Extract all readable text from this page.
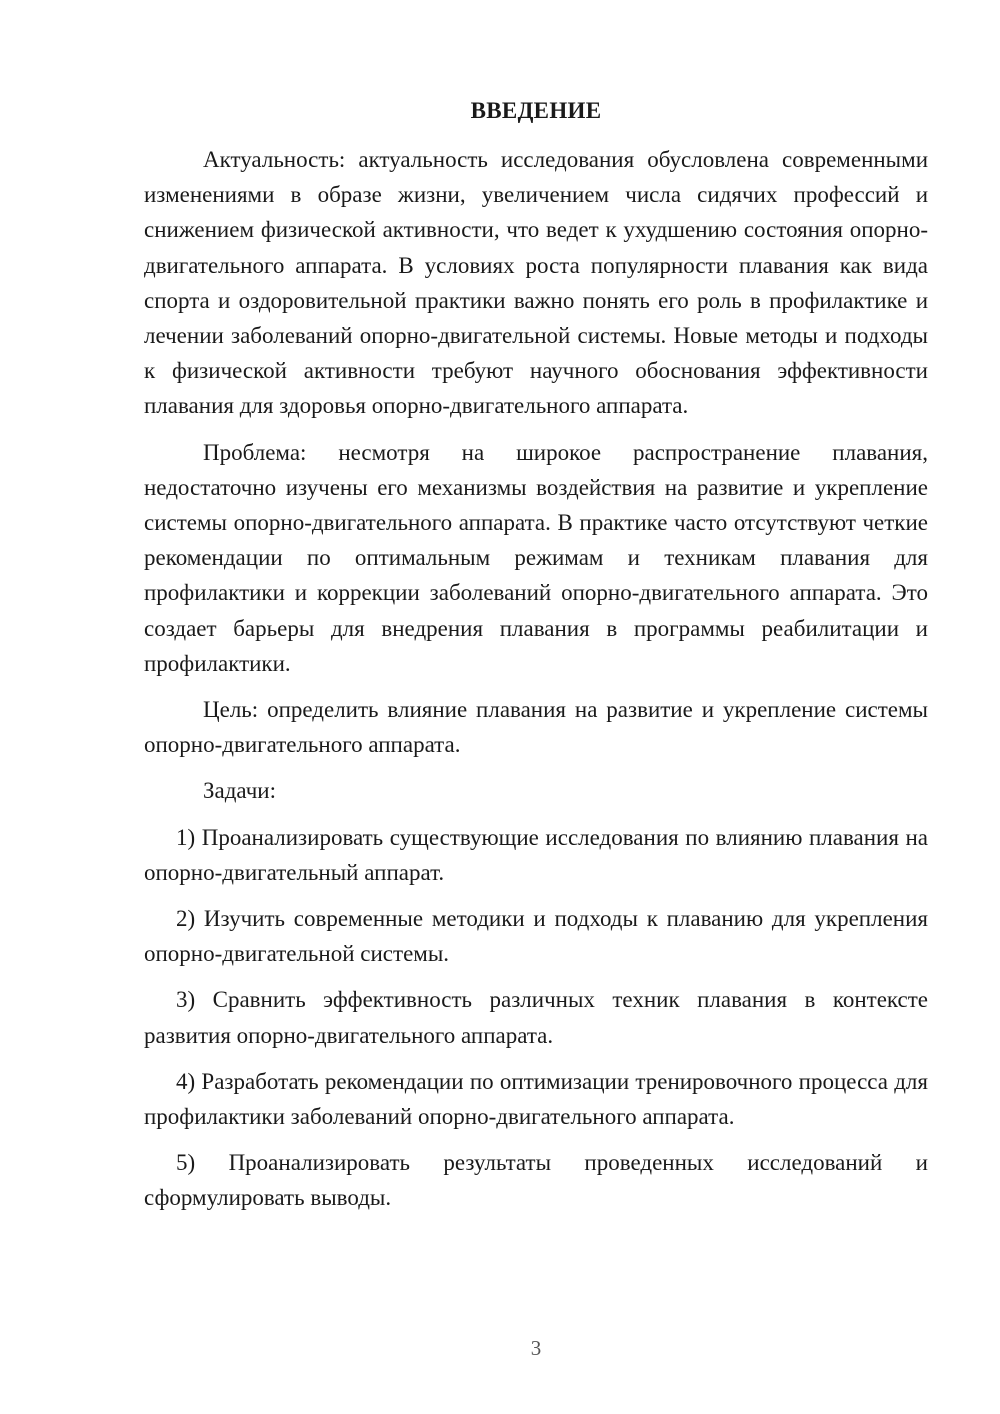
ВВЕДЕНИЕ

Актуальность: актуальность исследования обусловлена современными изменениями в образе жизни, увеличением числа сидячих профессий и снижением физической активности, что ведет к ухудшению состояния опорно-двигательного аппарата. В условиях роста популярности плавания как вида спорта и оздоровительной практики важно понять его роль в профилактике и лечении заболеваний опорно-двигательной системы. Новые методы и подходы к физической активности требуют научного обоснования эффективности плавания для здоровья опорно-двигательного аппарата.

Проблема: несмотря на широкое распространение плавания, недостаточно изучены его механизмы воздействия на развитие и укрепление системы опорно-двигательного аппарата. В практике часто отсутствуют четкие рекомендации по оптимальным режимам и техникам плавания для профилактики и коррекции заболеваний опорно-двигательного аппарата. Это создает барьеры для внедрения плавания в программы реабилитации и профилактики.

Цель: определить влияние плавания на развитие и укрепление системы опорно-двигательного аппарата.

Задачи:

1) Проанализировать существующие исследования по влиянию плавания на опорно-двигательный аппарат.

2) Изучить современные методики и подходы к плаванию для укрепления опорно-двигательной системы.

3) Сравнить эффективность различных техник плавания в контексте развития опорно-двигательного аппарата.

4) Разработать рекомендации по оптимизации тренировочного процесса для профилактики заболеваний опорно-двигательного аппарата.

5) Проанализировать результаты проведенных исследований и сформулировать выводы.

3
